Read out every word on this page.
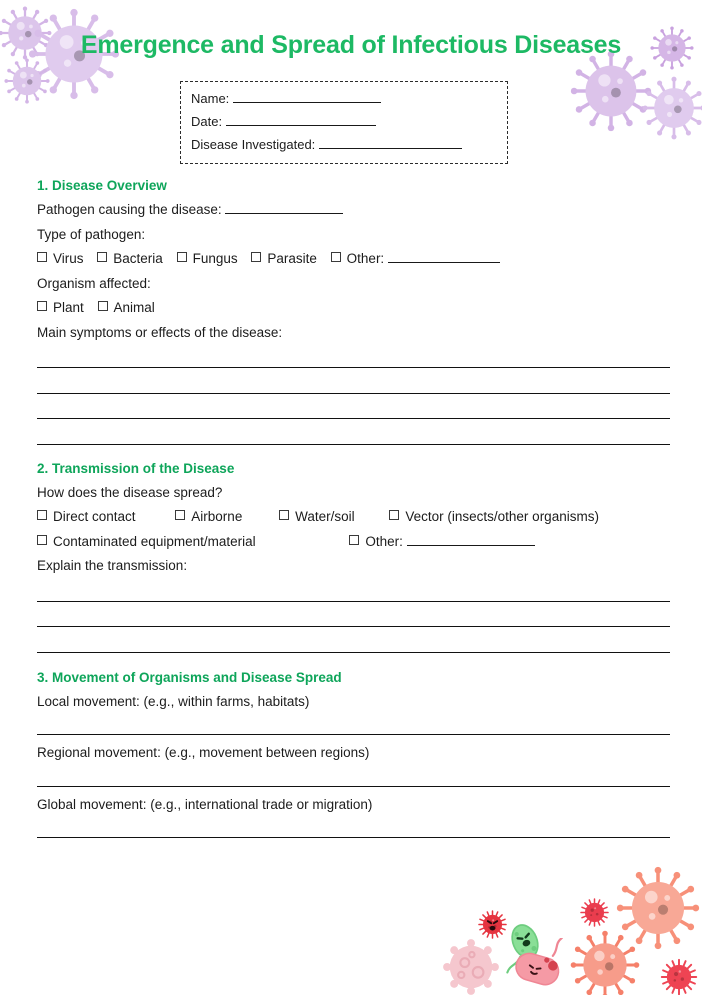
Emergence and Spread of Infectious Diseases
Name:
Date:
Disease Investigated:
1. Disease Overview
Pathogen causing the disease:
Type of pathogen:
Virus Bacteria Fungus Parasite Other:
Organism affected:
Plant Animal
Main symptoms or effects of the disease:
2. Transmission of the Disease
How does the disease spread?
Direct contact	Airborne	Water/soil	Vector (insects/other organisms)
Contaminated equipment/material	Other:
Explain the transmission:
3. Movement of Organisms and Disease Spread
Local movement: (e.g., within farms, habitats)
Regional movement: (e.g., movement between regions)
Global movement: (e.g., international trade or migration)
